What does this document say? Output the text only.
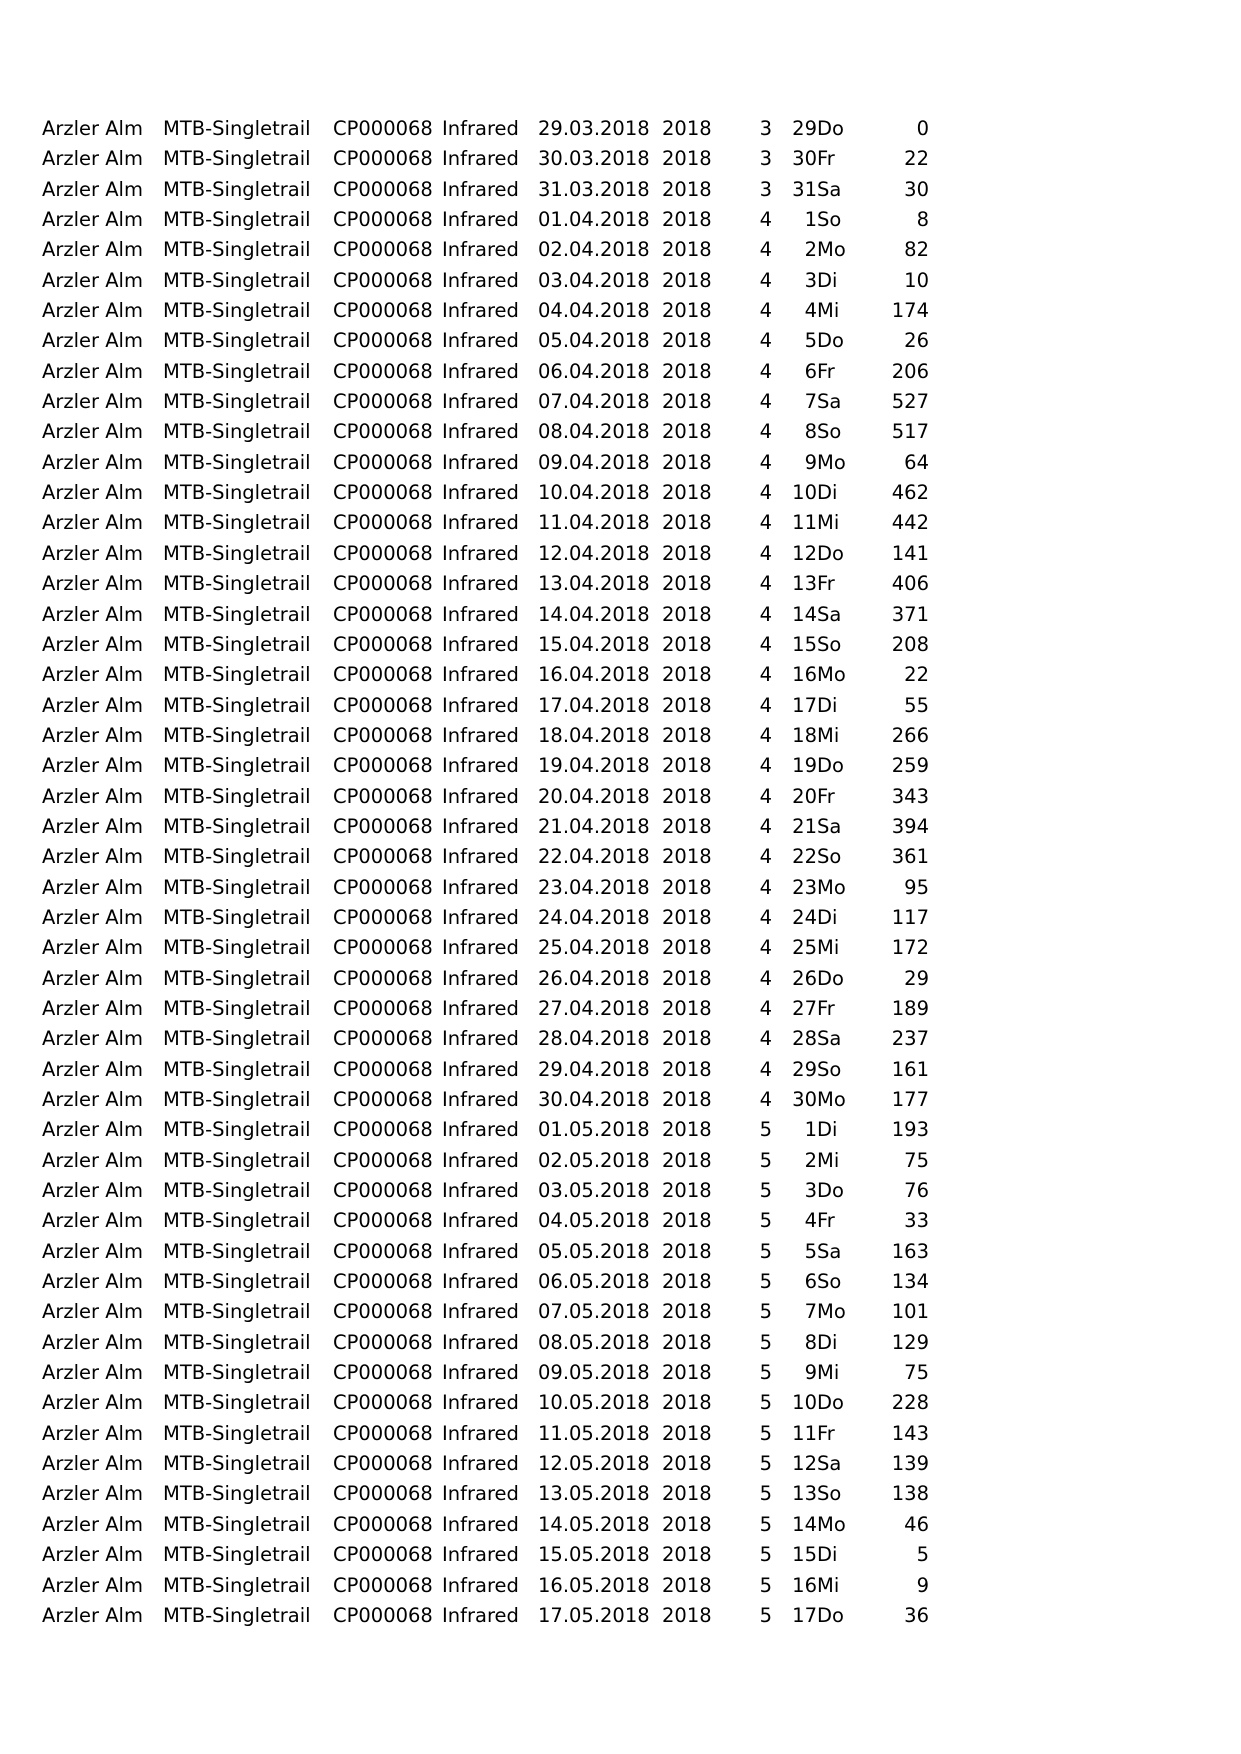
Arzler Alm	MTB-Singletrail	CP000068	Infrared	29.03.2018	2018	3	29	Do	0
Arzler Alm	MTB-Singletrail	CP000068	Infrared	30.03.2018	2018	3	30	Fr	22
Arzler Alm	MTB-Singletrail	CP000068	Infrared	31.03.2018	2018	3	31	Sa	30
Arzler Alm	MTB-Singletrail	CP000068	Infrared	01.04.2018	2018	4	1	So	8
Arzler Alm	MTB-Singletrail	CP000068	Infrared	02.04.2018	2018	4	2	Mo	82
Arzler Alm	MTB-Singletrail	CP000068	Infrared	03.04.2018	2018	4	3	Di	10
Arzler Alm	MTB-Singletrail	CP000068	Infrared	04.04.2018	2018	4	4	Mi	174
Arzler Alm	MTB-Singletrail	CP000068	Infrared	05.04.2018	2018	4	5	Do	26
Arzler Alm	MTB-Singletrail	CP000068	Infrared	06.04.2018	2018	4	6	Fr	206
Arzler Alm	MTB-Singletrail	CP000068	Infrared	07.04.2018	2018	4	7	Sa	527
Arzler Alm	MTB-Singletrail	CP000068	Infrared	08.04.2018	2018	4	8	So	517
Arzler Alm	MTB-Singletrail	CP000068	Infrared	09.04.2018	2018	4	9	Mo	64
Arzler Alm	MTB-Singletrail	CP000068	Infrared	10.04.2018	2018	4	10	Di	462
Arzler Alm	MTB-Singletrail	CP000068	Infrared	11.04.2018	2018	4	11	Mi	442
Arzler Alm	MTB-Singletrail	CP000068	Infrared	12.04.2018	2018	4	12	Do	141
Arzler Alm	MTB-Singletrail	CP000068	Infrared	13.04.2018	2018	4	13	Fr	406
Arzler Alm	MTB-Singletrail	CP000068	Infrared	14.04.2018	2018	4	14	Sa	371
Arzler Alm	MTB-Singletrail	CP000068	Infrared	15.04.2018	2018	4	15	So	208
Arzler Alm	MTB-Singletrail	CP000068	Infrared	16.04.2018	2018	4	16	Mo	22
Arzler Alm	MTB-Singletrail	CP000068	Infrared	17.04.2018	2018	4	17	Di	55
Arzler Alm	MTB-Singletrail	CP000068	Infrared	18.04.2018	2018	4	18	Mi	266
Arzler Alm	MTB-Singletrail	CP000068	Infrared	19.04.2018	2018	4	19	Do	259
Arzler Alm	MTB-Singletrail	CP000068	Infrared	20.04.2018	2018	4	20	Fr	343
Arzler Alm	MTB-Singletrail	CP000068	Infrared	21.04.2018	2018	4	21	Sa	394
Arzler Alm	MTB-Singletrail	CP000068	Infrared	22.04.2018	2018	4	22	So	361
Arzler Alm	MTB-Singletrail	CP000068	Infrared	23.04.2018	2018	4	23	Mo	95
Arzler Alm	MTB-Singletrail	CP000068	Infrared	24.04.2018	2018	4	24	Di	117
Arzler Alm	MTB-Singletrail	CP000068	Infrared	25.04.2018	2018	4	25	Mi	172
Arzler Alm	MTB-Singletrail	CP000068	Infrared	26.04.2018	2018	4	26	Do	29
Arzler Alm	MTB-Singletrail	CP000068	Infrared	27.04.2018	2018	4	27	Fr	189
Arzler Alm	MTB-Singletrail	CP000068	Infrared	28.04.2018	2018	4	28	Sa	237
Arzler Alm	MTB-Singletrail	CP000068	Infrared	29.04.2018	2018	4	29	So	161
Arzler Alm	MTB-Singletrail	CP000068	Infrared	30.04.2018	2018	4	30	Mo	177
Arzler Alm	MTB-Singletrail	CP000068	Infrared	01.05.2018	2018	5	1	Di	193
Arzler Alm	MTB-Singletrail	CP000068	Infrared	02.05.2018	2018	5	2	Mi	75
Arzler Alm	MTB-Singletrail	CP000068	Infrared	03.05.2018	2018	5	3	Do	76
Arzler Alm	MTB-Singletrail	CP000068	Infrared	04.05.2018	2018	5	4	Fr	33
Arzler Alm	MTB-Singletrail	CP000068	Infrared	05.05.2018	2018	5	5	Sa	163
Arzler Alm	MTB-Singletrail	CP000068	Infrared	06.05.2018	2018	5	6	So	134
Arzler Alm	MTB-Singletrail	CP000068	Infrared	07.05.2018	2018	5	7	Mo	101
Arzler Alm	MTB-Singletrail	CP000068	Infrared	08.05.2018	2018	5	8	Di	129
Arzler Alm	MTB-Singletrail	CP000068	Infrared	09.05.2018	2018	5	9	Mi	75
Arzler Alm	MTB-Singletrail	CP000068	Infrared	10.05.2018	2018	5	10	Do	228
Arzler Alm	MTB-Singletrail	CP000068	Infrared	11.05.2018	2018	5	11	Fr	143
Arzler Alm	MTB-Singletrail	CP000068	Infrared	12.05.2018	2018	5	12	Sa	139
Arzler Alm	MTB-Singletrail	CP000068	Infrared	13.05.2018	2018	5	13	So	138
Arzler Alm	MTB-Singletrail	CP000068	Infrared	14.05.2018	2018	5	14	Mo	46
Arzler Alm	MTB-Singletrail	CP000068	Infrared	15.05.2018	2018	5	15	Di	5
Arzler Alm	MTB-Singletrail	CP000068	Infrared	16.05.2018	2018	5	16	Mi	9
Arzler Alm	MTB-Singletrail	CP000068	Infrared	17.05.2018	2018	5	17	Do	36
